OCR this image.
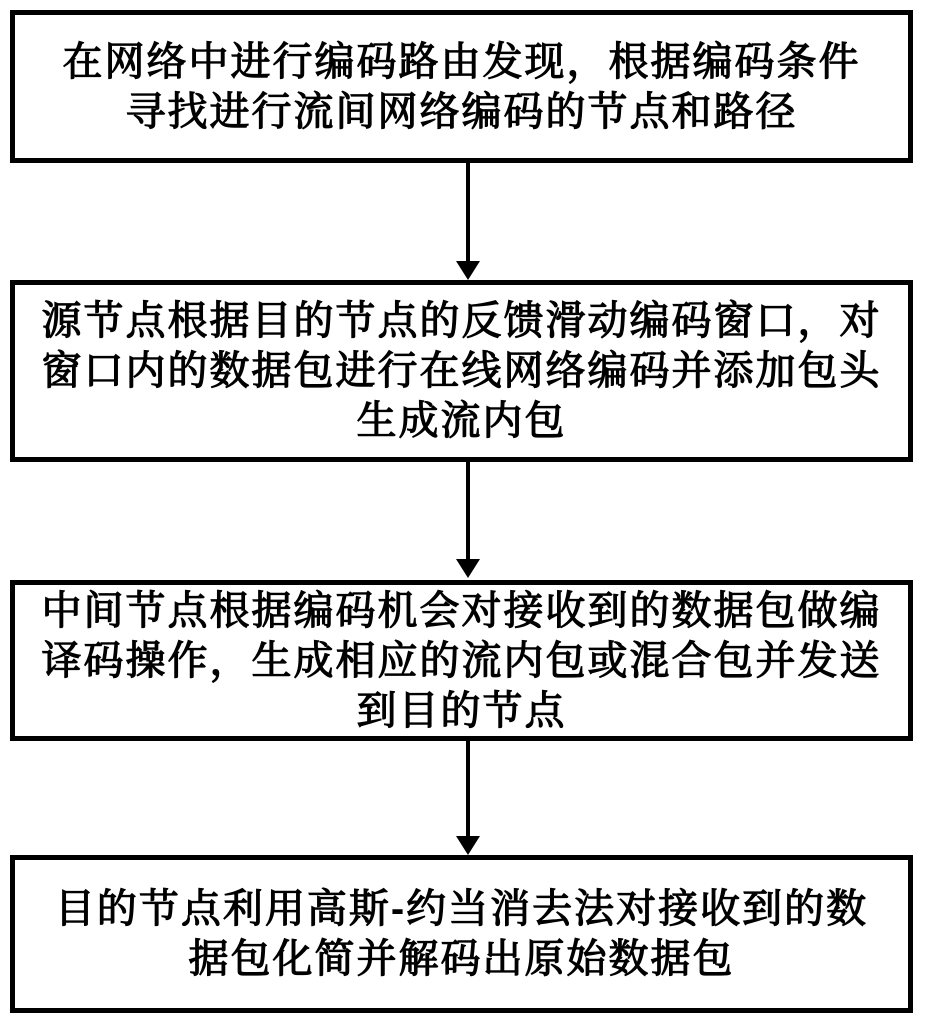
在网络中进行编码路由发现，根据编码条件
寻找进行流间网络编码的节点和路径
源节点根据目的节点的反馈滑动编码窗口，对
窗口内的数据包进行在线网络编码并添加包头
生成流内包
中间节点根据编码机会对接收到的数据包做编
译码操作，生成相应的流内包或混合包并发送
到目的节点
目的节点利用高斯-约当消去法对接收到的数
据包化简并解码出原始数据包
